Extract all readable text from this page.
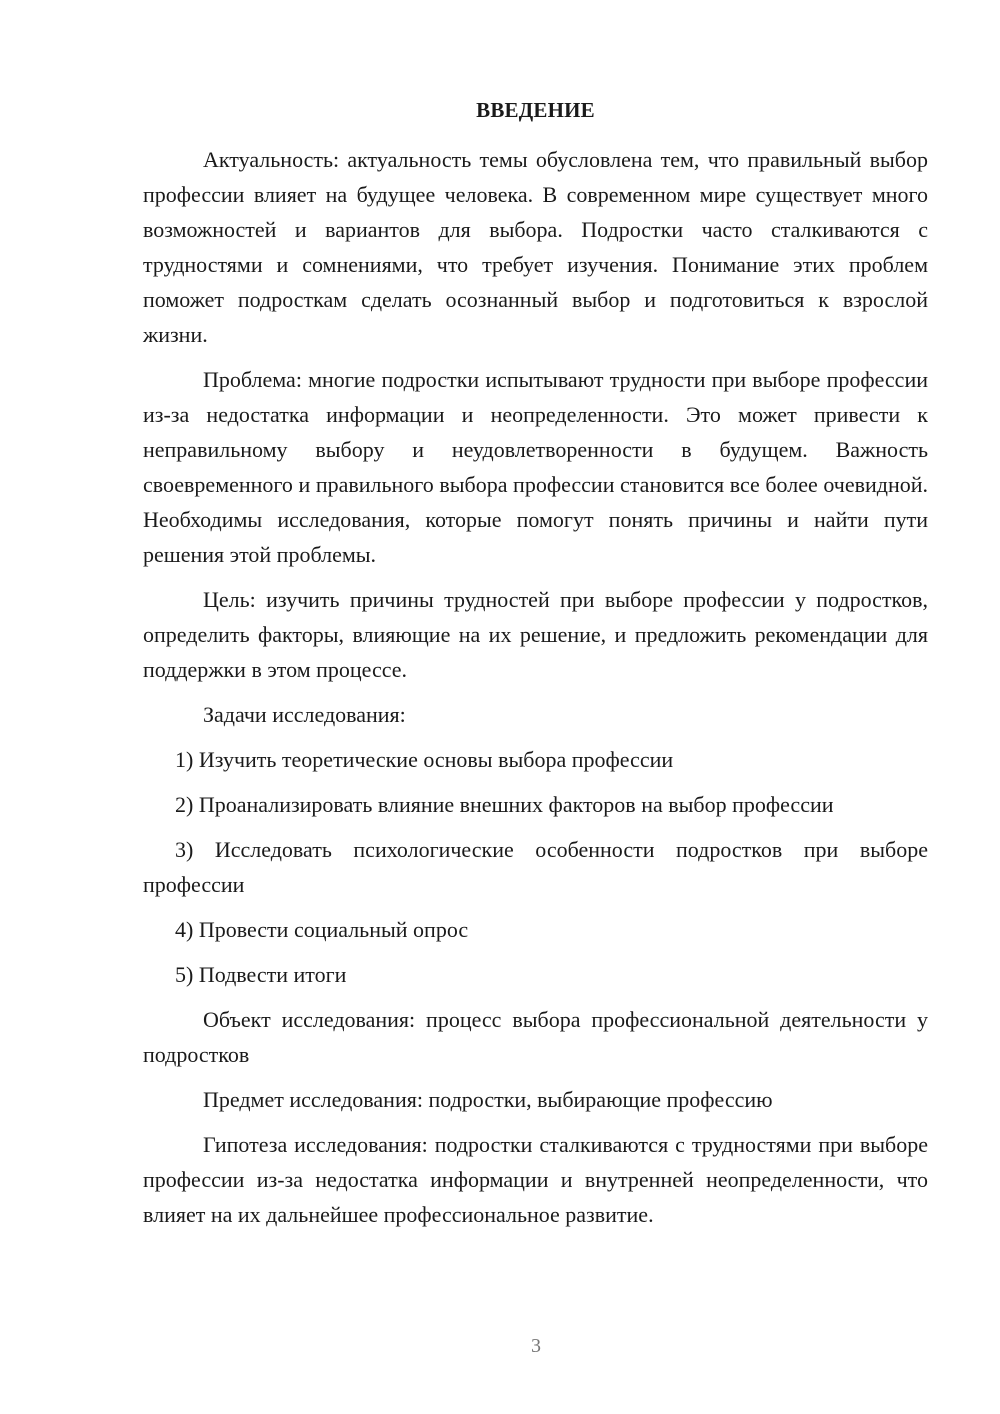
ВВЕДЕНИЕ

Актуальность: актуальность темы обусловлена тем, что правильный выбор профессии влияет на будущее человека. В современном мире существует много возможностей и вариантов для выбора. Подростки часто сталкиваются с трудностями и сомнениями, что требует изучения. Понимание этих проблем поможет подросткам сделать осознанный выбор и подготовиться к взрослой жизни.

Проблема: многие подростки испытывают трудности при выборе профессии из-за недостатка информации и неопределенности. Это может привести к неправильному выбору и неудовлетворенности в будущем. Важность своевременного и правильного выбора профессии становится все более очевидной. Необходимы исследования, которые помогут понять причины и найти пути решения этой проблемы.

Цель: изучить причины трудностей при выборе профессии у подростков, определить факторы, влияющие на их решение, и предложить рекомендации для поддержки в этом процессе.

Задачи исследования:

1) Изучить теоретические основы выбора профессии

2) Проанализировать влияние внешних факторов на выбор профессии

3) Исследовать психологические особенности подростков при выборе профессии

4) Провести социальный опрос

5) Подвести итоги

Объект исследования: процесс выбора профессиональной деятельности у подростков

Предмет исследования: подростки, выбирающие профессию

Гипотеза исследования: подростки сталкиваются с трудностями при выборе профессии из-за недостатка информации и внутренней неопределенности, что влияет на их дальнейшее профессиональное развитие.

3
